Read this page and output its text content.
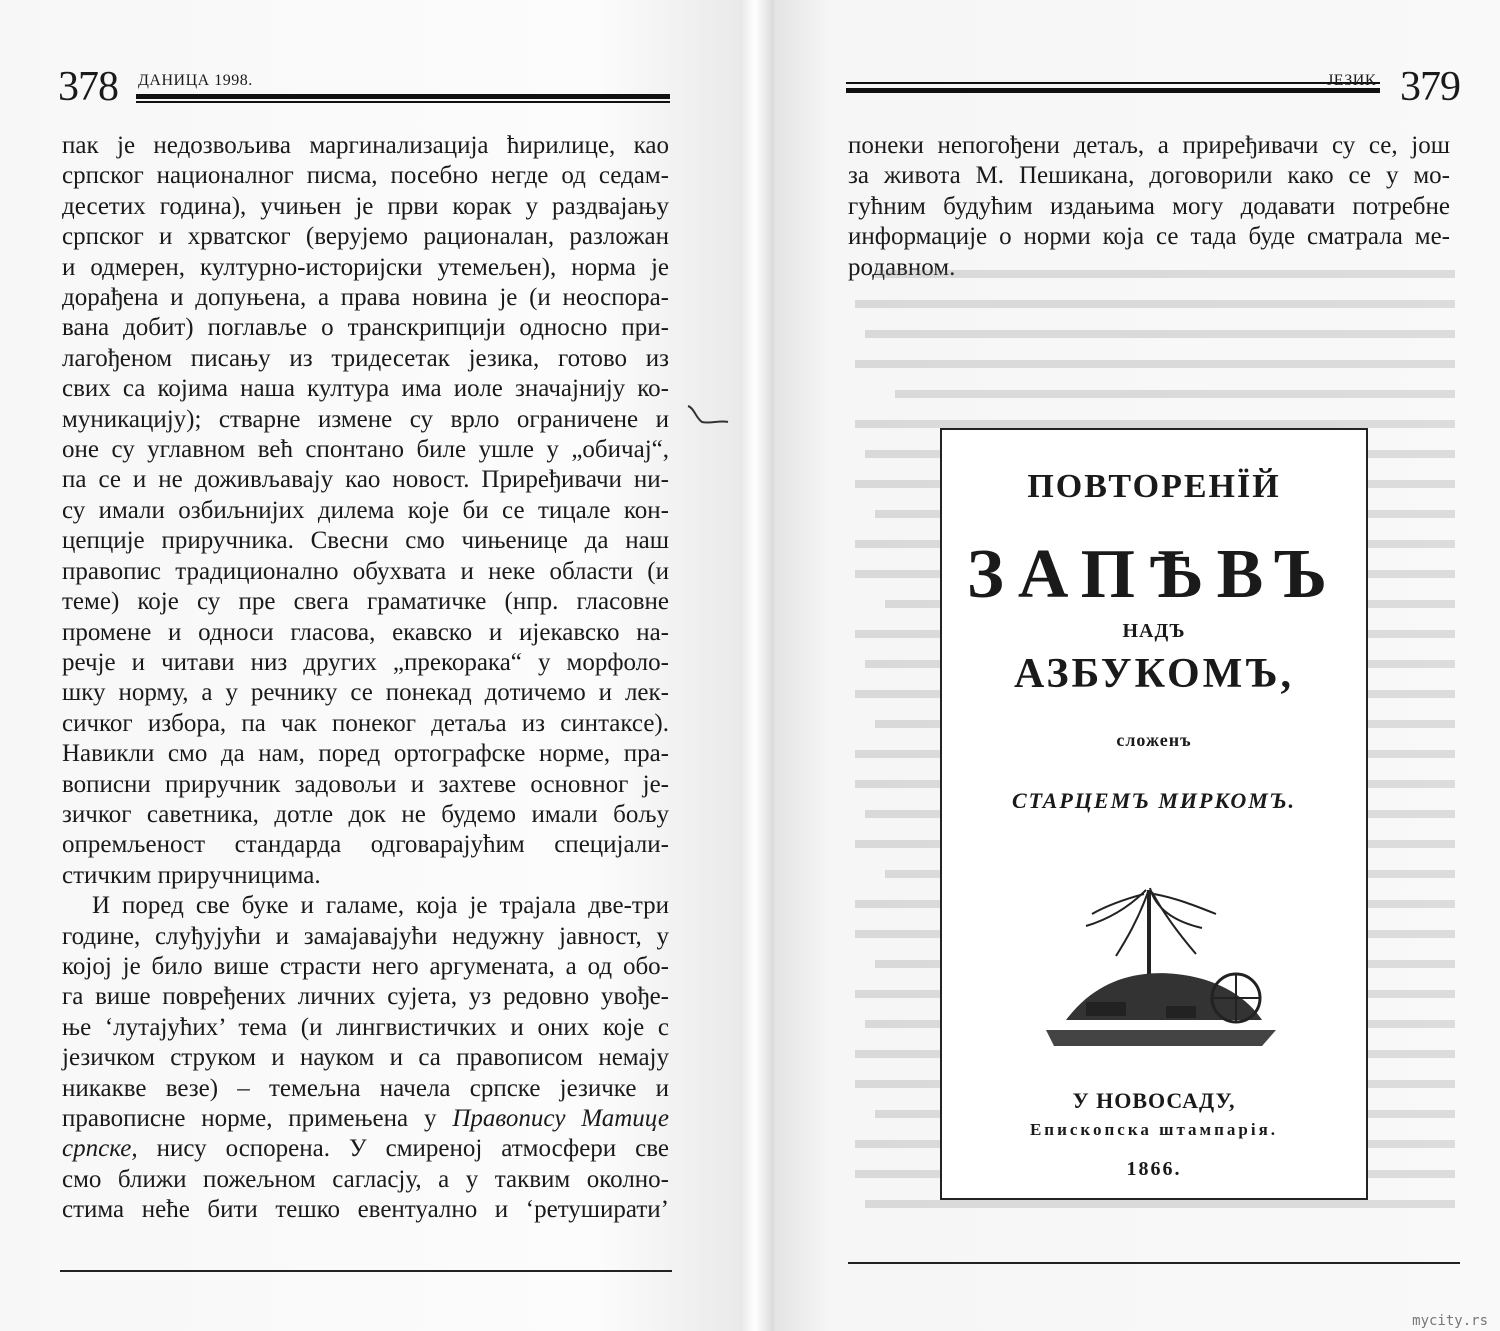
378 ДАНИЦА 1998.	ЈЕЗИК 379
пак је недозвољива маргинализација ћирилице, као
српског националног писма, посебно негде од седам-
десетих година), учињен је први корак у раздвајању
српског и хрватског (верујемо рационалан, разложан
и одмерен, културно-историјски утемељен), норма је
дорађена и допуњена, а права новина је (и неоспора-
вана добит) поглавље о транскрипцији односно при-
лагођеном писању из тридесетак језика, готово из
свих са којима наша култура има иоле значајнију ко-
муникацију); стварне измене су врло ограничене и
оне су углавном већ спонтано биле ушле у „обичај“,
па се и не доживљавају као новост. Приређивачи ни-
су имали озбиљнијих дилема које би се тицале кон-
цепције приручника. Свесни смо чињенице да наш
правопис традиционално обухвата и неке области (и
теме) које су пре свега граматичке (нпр. гласовне
промене и односи гласова, екавско и ијекавско на-
речје и читави низ других „прекорака“ у морфоло-
шку норму, а у речнику се понекад дотичемо и лек-
сичког избора, па чак понеког детаља из синтаксе).
Навикли смо да нам, поред ортографске норме, пра-
вописни приручник задовољи и захтеве основног је-
зичког саветника, дотле док не будемо имали бољу
опремљеност стандарда одговарајућим специјали-
стичким приручницима.
И поред све буке и галаме, која је трајала две-три
године, слуђујући и замајавајући недужну јавност, у
којој је било више страсти него аргумената, а од обо-
га више повређених личних сујета, уз редовно увође-
ње ‘лутајућих’ тема (и лингвистичких и оних које с
језичком струком и науком и са правописом немају
никакве везе) – темељна начела српске језичке и
правописне норме, примењена у Правопису Матице
српске, нису оспорена. У смиреној атмосфери све
смо ближи пожељном сагласју, а у таквим околно-
стима неће бити тешко евентуално и ‘ретуширати’
понеки непогођени детаљ, а приређивачи су се, још
за живота М. Пешикана, договорили како се у мо-
гућним будућим издањима могу додавати потребне
информације о норми која се тада буде сматрала ме-
родавном.
ПОВТОРЕНЇЙ
ЗАПѢВЪ
НАДЪ
АЗБУКОМЪ,
сложенъ
СТАРЦЕМЪ МИРКОМЪ.
У НОВОСАДУ,
Епископска штампарiя.
1866.
mycity.rs
